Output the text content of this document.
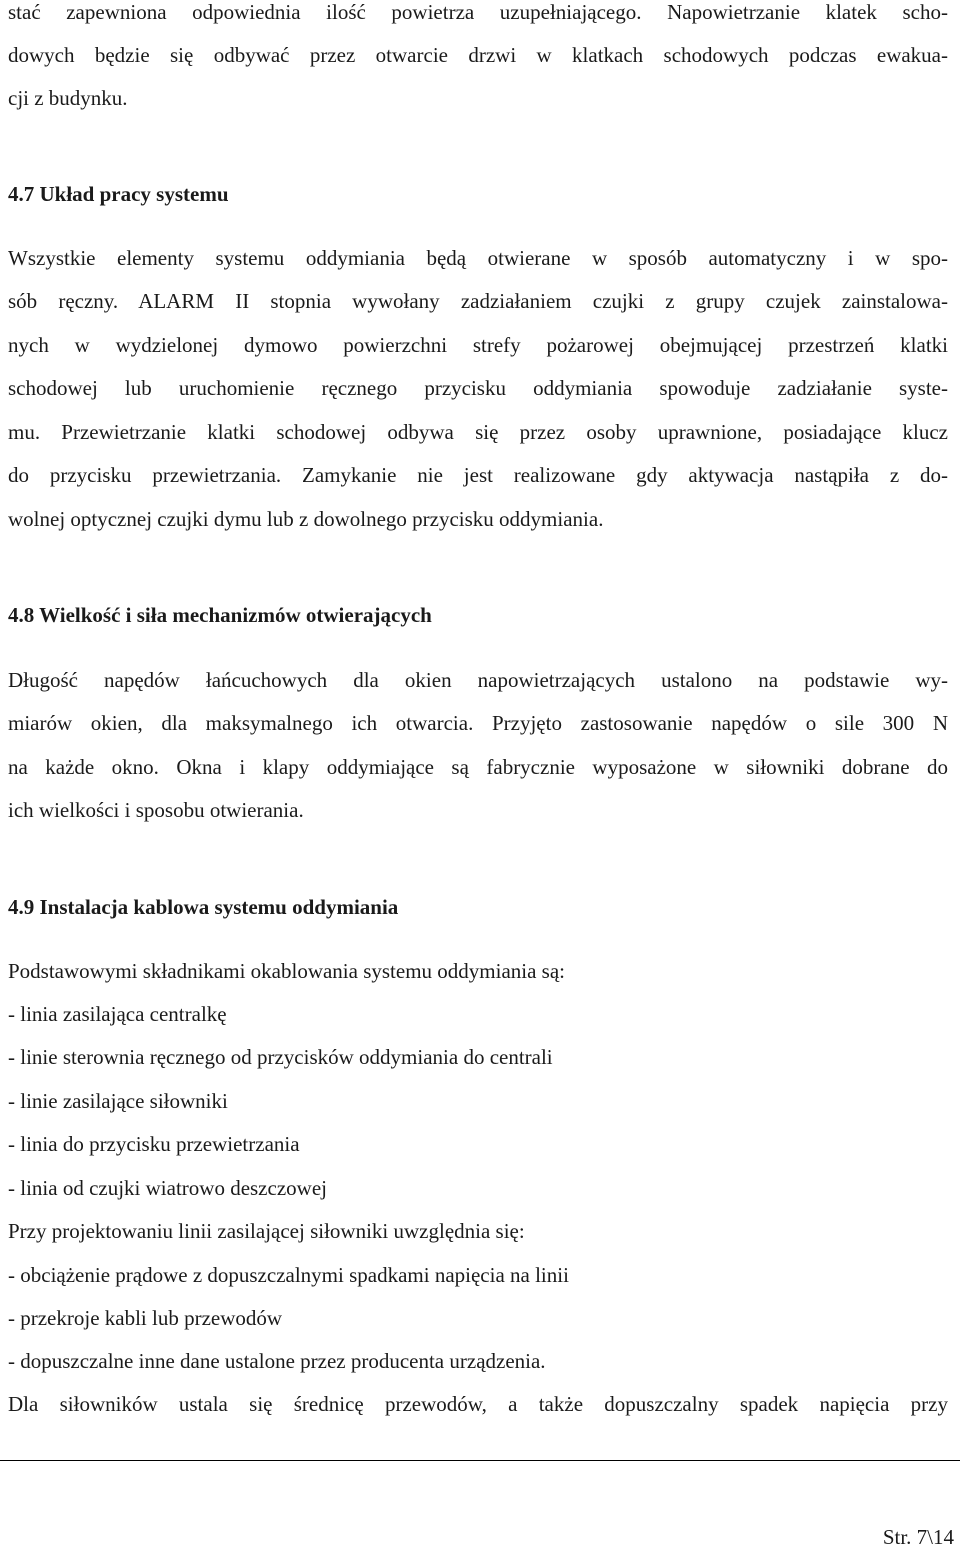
stać zapewniona odpowiednia ilość powietrza uzupełniającego. Napowietrzanie klatek scho-
dowych będzie się odbywać przez otwarcie drzwi w klatkach schodowych podczas ewakua-
cji z budynku.
4.7 Układ pracy systemu
Wszystkie elementy systemu oddymiania będą otwierane w sposób automatyczny i w spo-
sób ręczny. ALARM II stopnia wywołany zadziałaniem czujki z grupy czujek zainstalowa-
nych w wydzielonej dymowo powierzchni strefy pożarowej obejmującej przestrzeń klatki
schodowej lub uruchomienie ręcznego przycisku oddymiania spowoduje zadziałanie syste-
mu. Przewietrzanie klatki schodowej odbywa się przez osoby uprawnione, posiadające klucz
do przycisku przewietrzania. Zamykanie nie jest realizowane gdy aktywacja nastąpiła z do-
wolnej optycznej czujki dymu lub z dowolnego przycisku oddymiania.
4.8 Wielkość i siła mechanizmów otwierających
Długość napędów łańcuchowych dla okien napowietrzających ustalono na podstawie wy-
miarów okien, dla maksymalnego ich otwarcia. Przyjęto zastosowanie napędów o sile 300 N
na każde okno. Okna i klapy oddymiające są fabrycznie wyposażone w siłowniki dobrane do
ich wielkości i sposobu otwierania.
4.9 Instalacja kablowa systemu oddymiania
Podstawowymi składnikami okablowania systemu oddymiania są:
- linia zasilająca centralkę
- linie sterownia ręcznego od przycisków oddymiania do centrali
- linie zasilające siłowniki
- linia do przycisku przewietrzania
- linia od czujki wiatrowo deszczowej
Przy projektowaniu linii zasilającej siłowniki uwzględnia się:
- obciążenie prądowe z dopuszczalnymi spadkami napięcia na linii
- przekroje kabli lub przewodów
- dopuszczalne inne dane ustalone przez producenta urządzenia.
Dla siłowników ustala się średnicę przewodów, a także dopuszczalny spadek napięcia przy
Str. 7\14
